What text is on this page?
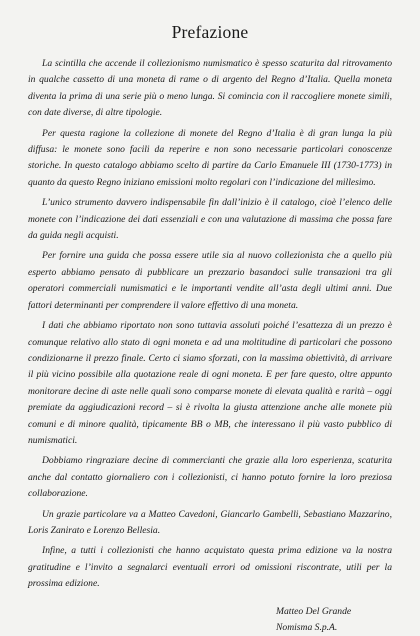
Prefazione

La scintilla che accende il collezionismo numismatico è spesso scaturita dal ritrovamento in qualche cassetto di una moneta di rame o di argento del Regno d’Italia. Quella moneta diventa la prima di una serie più o meno lunga. Si comincia con il raccogliere monete simili, con date diverse, di altre tipologie.

Per questa ragione la collezione di monete del Regno d’Italia è di gran lunga la più diffusa: le monete sono facili da reperire e non sono necessarie particolari conoscenze storiche. In questo catalogo abbiamo scelto di partire da Carlo Emanuele III (1730-1773) in quanto da questo Regno iniziano emissioni molto regolari con l’indicazione del millesimo.

L’unico strumento davvero indispensabile fin dall’inizio è il catalogo, cioè l’elenco delle monete con l’indicazione dei dati essenziali e con una valutazione di massima che possa fare da guida negli acquisti.

Per fornire una guida che possa essere utile sia al nuovo collezionista che a quello più esperto abbiamo pensato di pubblicare un prezzario basandoci sulle transazioni tra gli operatori commerciali numismatici e le importanti vendite all’asta degli ultimi anni. Due fattori determinanti per comprendere il valore effettivo di una moneta.

I dati che abbiamo riportato non sono tuttavia assoluti poiché l’esattezza di un prezzo è comunque relativo allo stato di ogni moneta e ad una moltitudine di particolari che possono condizionarne il prezzo finale. Certo ci siamo sforzati, con la massima obiettività, di arrivare il più vicino possibile alla quotazione reale di ogni moneta. E per fare questo, oltre appunto monitorare decine di aste nelle quali sono comparse monete di elevata qualità e rarità – oggi premiate da aggiudicazioni record – si è rivolta la giusta attenzione anche alle monete più comuni e di minore qualità, tipicamente BB o MB, che interessano il più vasto pubblico di numismatici.

Dobbiamo ringraziare decine di commercianti che grazie alla loro esperienza, scaturita anche dal contatto giornaliero con i collezionisti, ci hanno potuto fornire la loro preziosa collaborazione.

Un grazie particolare va a Matteo Cavedoni, Giancarlo Gambelli, Sebastiano Mazzarino, Loris Zanirato e Lorenzo Bellesia.

Infine, a tutti i collezionisti che hanno acquistato questa prima edizione va la nostra gratitudine e l’invito a segnalarci eventuali errori od omissioni riscontrate, utili per la prossima edizione.

Matteo Del Grande
Nomisma S.p.A.
